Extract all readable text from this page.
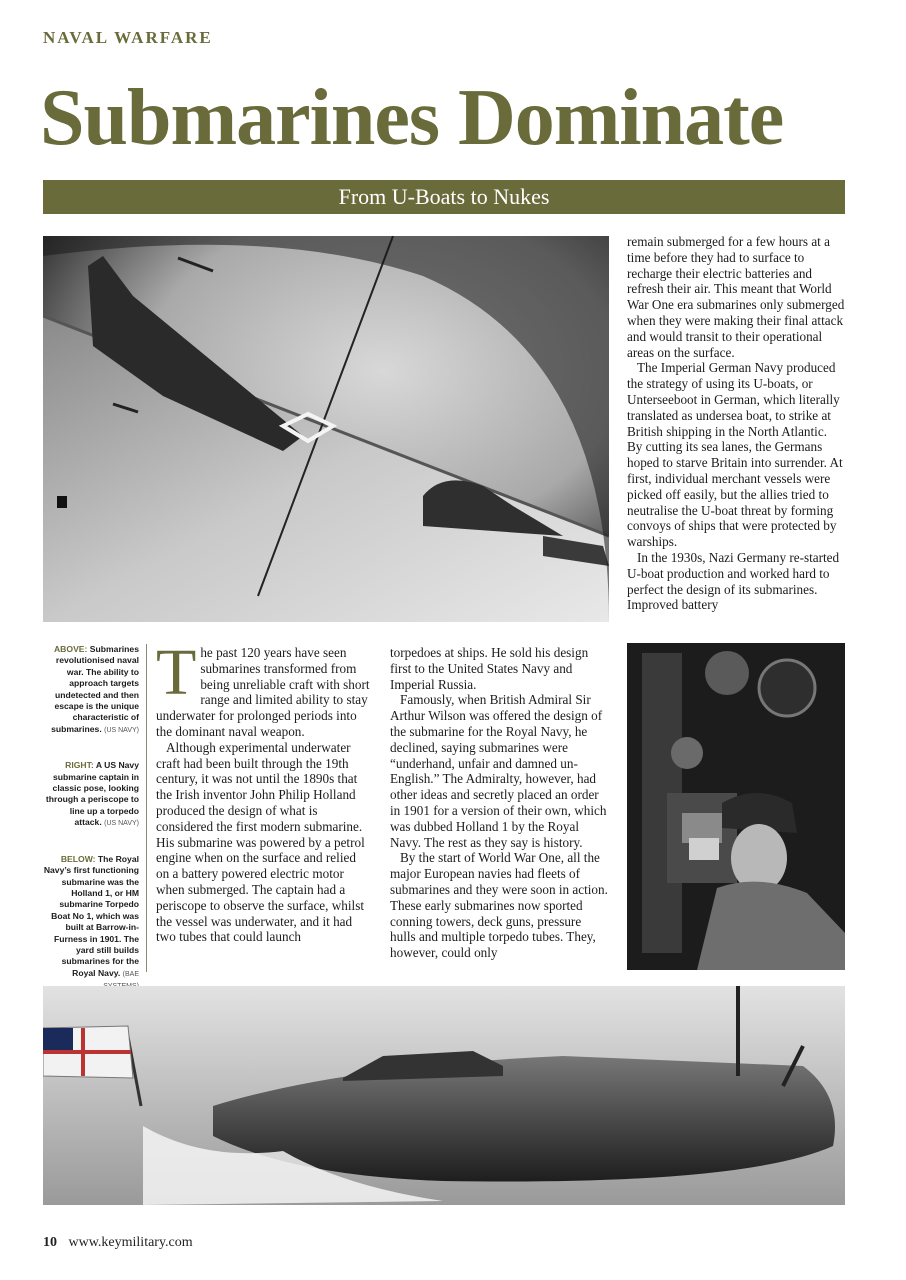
NAVAL WARFARE
Submarines Dominate
From U-Boats to Nukes

remain submerged for a few hours at a time before they had to surface to recharge their electric batteries and refresh their air. This meant that World War One era submarines only submerged when they were making their final attack and would transit to their operational areas on the surface.

The Imperial German Navy produced the strategy of using its U-boats, or Unterseeboot in German, which literally translated as undersea boat, to strike at British shipping in the North Atlantic. By cutting its sea lanes, the Germans hoped to starve Britain into surrender. At first, individual merchant vessels were picked off easily, but the allies tried to neutralise the U-boat threat by forming convoys of ships that were protected by warships.

In the 1930s, Nazi Germany re-started U-boat production and worked hard to perfect the design of its submarines. Improved battery

ABOVE: Submarines revolutionised naval war. The ability to approach targets undetected and then escape is the unique characteristic of submarines. (US NAVY)
RIGHT: A US Navy submarine captain in classic pose, looking through a periscope to line up a torpedo attack. (US NAVY)
BELOW: The Royal Navy’s first functioning submarine was the Holland 1, or HM submarine Torpedo Boat No 1, which was built at Barrow-in-Furness in 1901. The yard still builds submarines for the Royal Navy. (BAE

The past 120 years have seen submarines transformed from being unreliable craft with short range and limited ability to stay underwater for prolonged periods into the dominant naval weapon.

Although experimental underwater craft had been built through the 19th century, it was not until the 1890s that the Irish inventor John Philip Holland produced the design of what is considered the first modern submarine. His submarine was powered by a petrol engine when on the surface and relied on a battery powered electric motor when submerged. The captain had a periscope to observe the surface, whilst the vessel was underwater, and it had two tubes that could launch

torpedoes at ships. He sold his design first to the United States Navy and Imperial Russia.

Famously, when British Admiral Sir Arthur Wilson was offered the design of the submarine for the Royal Navy, he declined, saying submarines were “underhand, unfair and damned un-English.” The Admiralty, however, had other ideas and secretly placed an order in 1901 for a version of their own, which was dubbed Holland 1 by the Royal Navy. The rest as they say is history.

By the start of World War One, all the major European navies had fleets of submarines and they were soon in action. These early submarines now sported conning towers, deck guns, pressure hulls and multiple torpedo tubes. They, however, could only

10 www.keymilitary.com
